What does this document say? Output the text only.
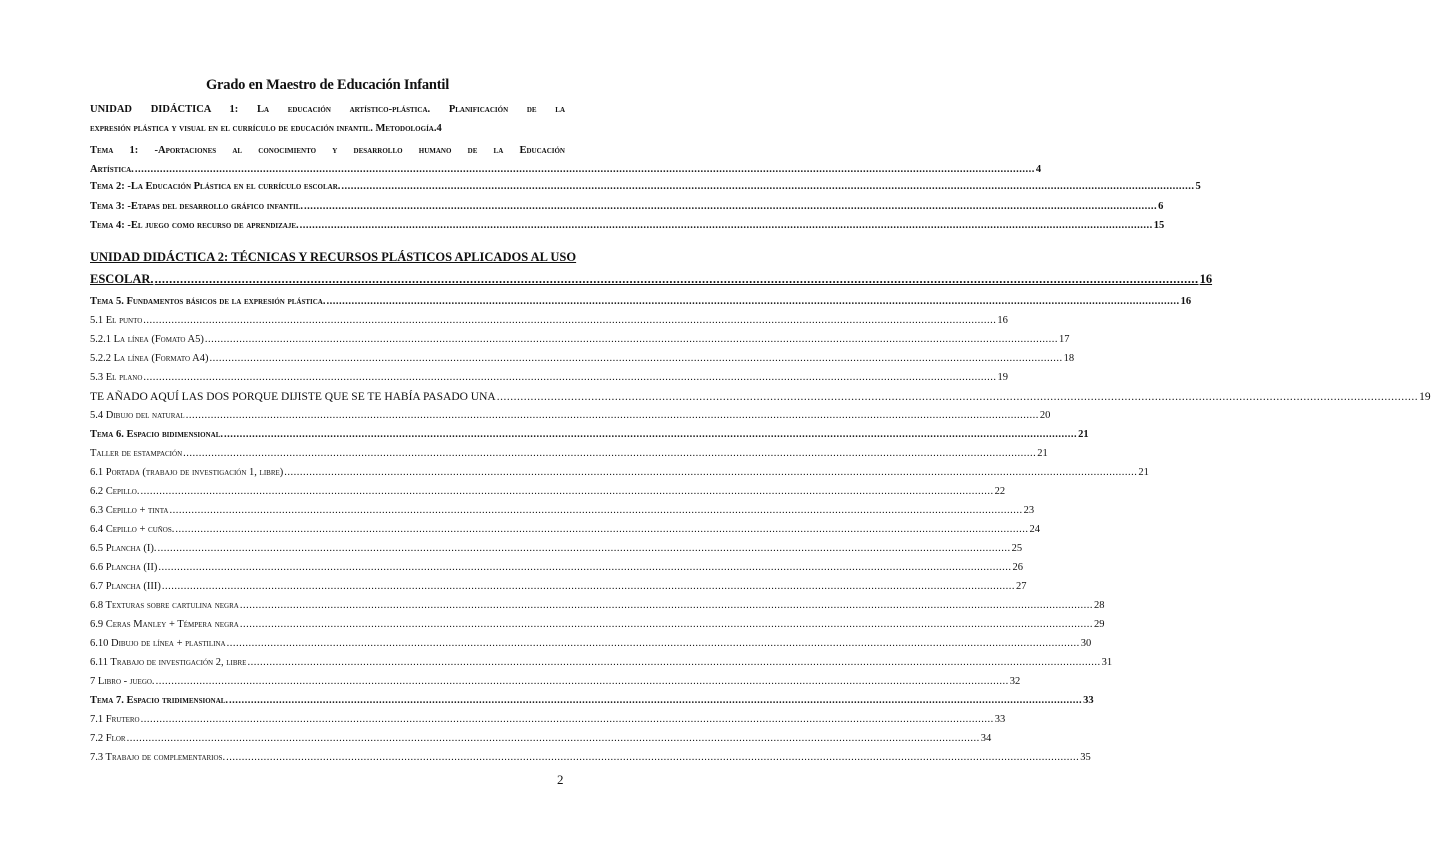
Grado en Maestro de Educación Infantil
UNIDAD DIDÁCTICA 1: La educación artístico-plástica. Planificación de la
expresión plástica y visual en el currículo de educación infantil. Metodología. 4
Tema 1: -Aportaciones al conocimiento y desarrollo humano de la Educación
Artística. .....	4
Tema 2: -La Educación Plástica en el currículo escolar. .....	5
Tema 3: -Etapas del desarrollo gráfico infantil. .....	6
Tema 4: -El juego como recurso de aprendizaje. .....	15
UNIDAD DIDÁCTICA 2: TÉCNICAS Y RECURSOS PLÁSTICOS APLICADOS AL USO
ESCOLAR. .....	16
Tema 5. Fundamentos básicos de la expresión plástica. .....	16
5.1 El punto .....	16
5.2.1 La línea (Fomato A5) .....	17
5.2.2 La línea (Formato A4) .....	18
5.3 El plano .....	19
TE AÑADO AQUÍ LAS DOS PORQUE DIJISTE QUE SE TE HABÍA PASADO UNA .....	19
5.4 Dibujo del natural .....	20
Tema 6. Espacio bidimensional. .....	21
Taller de estampación .....	21
6.1 Portada (trabajo de investigación 1, libre) .....	21
6.2 Cepillo. .....	22
6.3 Cepillo + tinta .....	23
6.4 Cepillo + cuños. .....	24
6.5 Plancha (I). .....	25
6.6 Plancha (II) .....	26
6.7 Plancha (III) .....	27
6.8 Texturas sobre cartulina negra .....	28
6.9 Ceras Manley + Témpera negra .....	29
6.10 Dibujo de línea + plastilina .....	30
6.11 Trabajo de investigación 2, libre .....	31
7 Libro - juego. .....	32
Tema 7. Espacio tridimensional. .....	33
7.1 Frutero .....	33
7.2 Flor .....	34
7.3 Trabajo de complementarios. .....	35
2
